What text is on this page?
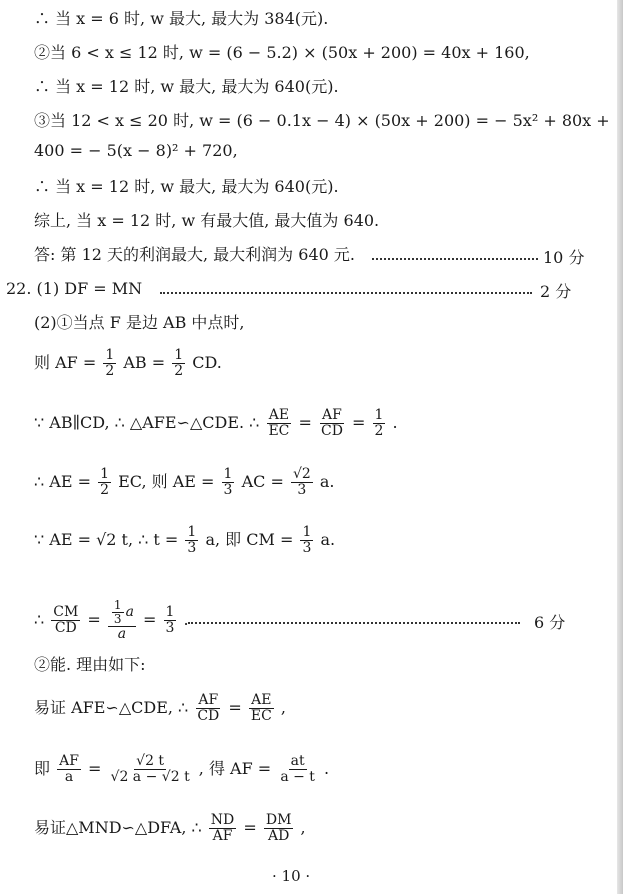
∴ 当 x = 6 时, w 最大, 最大为 384(元).
②当 6 < x ≤ 12 时, w = (6 − 5.2) × (50x + 200) = 40x + 160,
∴ 当 x = 12 时, w 最大, 最大为 640(元).
③当 12 < x ≤ 20 时, w = (6 − 0.1x − 4) × (50x + 200) = − 5x² + 80x +
400 = − 5(x − 8)² + 720,
∴ 当 x = 12 时, w 最大, 最大为 640(元).
综上, 当 x = 12 时, w 有最大值, 最大值为 640.
答: 第 12 天的利润最大, 最大利润为 640 元.	10 分
22. (1) DF = MN	2 分
(2)①当点 F 是边 AB 中点时,
则 AF = $\frac{1}{2}$ AB = $\frac{1}{2}$ CD.
∵ AB∥CD, ∴ △AFE∽△CDE. ∴ $\frac{AE}{EC} = \frac{AF}{CD} = \frac{1}{2}$ .
∴ AE = $\frac{1}{2}$ EC, 则 AE = $\frac{1}{3}$ AC = $\frac{√2}{3} a$.
∵ AE = √2 t, ∴ $t = \frac{1}{3} a$, 即 CM = $\frac{1}{3} a$.
∴ $\frac{CM}{CD} = \frac{\frac{1}{3} a}{a} = \frac{1}{3}$ .	6 分
②能. 理由如下:
易证 AFE∽△CDE, ∴ $\frac{AF}{CD} = \frac{AE}{EC}$ ,
即 $\frac{AF}{a} = \frac{√2 t}{√2 a - √2 t}$ , 得 AF = $\frac{at}{a - t}$ .
易证△MND∽△DFA, ∴ $\frac{ND}{AF} = \frac{DM}{AD}$ ,
· 10 ·
